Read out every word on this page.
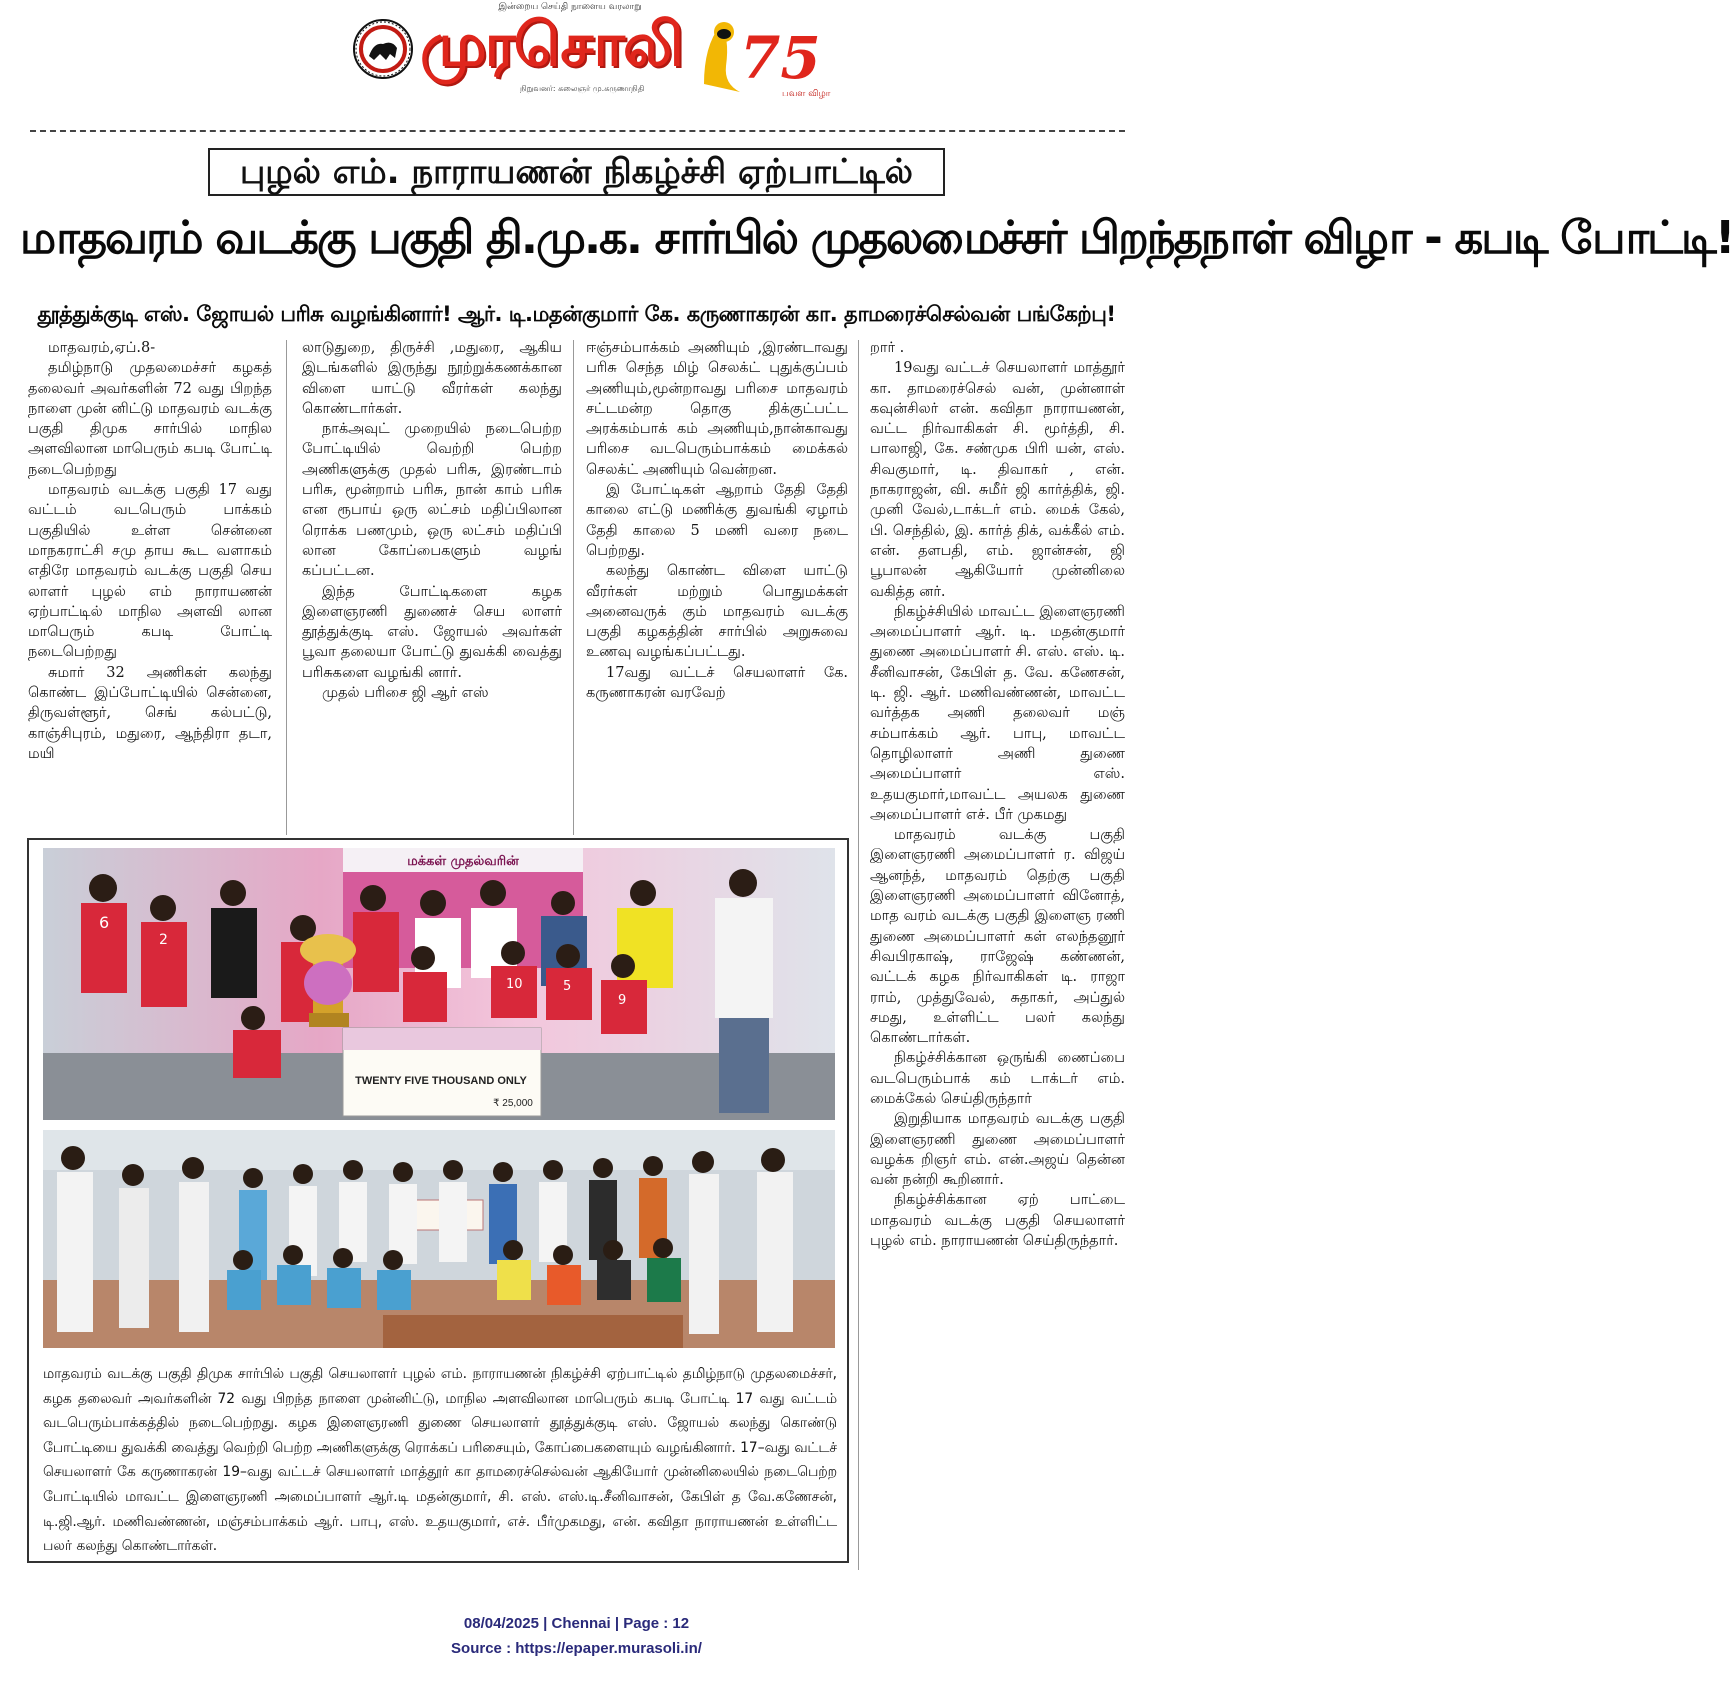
இன்றைய செய்தி நாளைய வரலாறு
முரசொலி
நிறுவனர்: கலைஞர் மு.கருணாநிதி 75
பவள விழா
புழல் எம். நாராயணன் நிகழ்ச்சி ஏற்பாட்டில்
மாதவரம் வடக்கு பகுதி தி.மு.க. சார்பில் முதலமைச்சர் பிறந்தநாள் விழா - கபடி போட்டி!
தூத்துக்குடி எஸ். ஜோயல் பரிசு வழங்கினார்! ஆர். டி.மதன்குமார் கே. கருணாகரன் கா. தாமரைச்செல்வன் பங்கேற்பு!

மாதவரம்,ஏப்.8-

தமிழ்நாடு முதலமைச்சர் கழகத் தலைவர் அவர்களின் 72 வது பிறந்த நாளை முன் னிட்டு மாதவரம் வடக்கு பகுதி திமுக சார்பில் மாநில அளவிலான மாபெரும் கபடி போட்டி நடைபெற்றது

மாதவரம் வடக்கு பகுதி 17 வது வட்டம் வடபெரும் பாக்கம் பகுதியில் உள்ள சென்னை மாநகராட்சி சமு தாய கூட வளாகம் எதிரே மாதவரம் வடக்கு பகுதி செய லாளர் புழல் எம் நாராயணன் ஏற்பாட்டில் மாநில அளவி லான மாபெரும் கபடி போட்டி நடைபெற்றது

சுமார் 32 அணிகள் கலந்து கொண்ட இப்போட்டியில் சென்னை, திருவள்ளூர், செங் கல்பட்டு, காஞ்சிபுரம், மதுரை, ஆந்திரா தடா, மயி

லாடுதுறை, திருச்சி ,மதுரை, ஆகிய இடங்களில் இருந்து நூற்றுக்கணக்கான விளை யாட்டு வீரர்கள் கலந்து கொண்டார்கள்.

நாக்அவுட் முறையில் நடைபெற்ற போட்டியில் வெற்றி பெற்ற அணிகளுக்கு முதல் பரிசு, இரண்டாம் பரிசு, மூன்றாம் பரிசு, நான் காம் பரிசு என ரூபாய் ஒரு லட்சம் மதிப்பிலான ரொக்க பணமும், ஒரு லட்சம் மதிப்பி லான கோப்பைகளும் வழங் கப்பட்டன.

இந்த போட்டிகளை கழக இளைஞரணி துணைச் செய லாளர் தூத்துக்குடி எஸ். ஜோயல் அவர்கள் பூவா தலையா போட்டு துவக்கி வைத்து பரிசுகளை வழங்கி னார்.

முதல் பரிசை ஜி ஆர் எஸ்

ஈஞ்சம்பாக்கம் அணியும் ,இரண்டாவது பரிசு செந்த மிழ் செலக்ட் புதுக்குப்பம் அணியும்,மூன்றாவது பரிசை மாதவரம் சட்டமன்ற தொகு திக்குட்பட்ட அரக்கம்பாக் கம் அணியும்,நான்காவது பரிசை வடபெரும்பாக்கம் மைக்கல் செலக்ட் அணியும் வென்றன.

இ போட்டிகள் ஆறாம் தேதி தேதி காலை எட்டு மணிக்கு துவங்கி ஏழாம் தேதி காலை 5 மணி வரை நடை பெற்றது.

கலந்து கொண்ட விளை யாட்டு வீரர்கள் மற்றும் பொதுமக்கள் அனைவருக் கும் மாதவரம் வடக்கு பகுதி கழகத்தின் சார்பில் அறுசுவை உணவு வழங்கப்பட்டது.

17வது வட்டச் செயலாளர் கே. கருணாகரன் வரவேற்

றார் .

19வது வட்டச் செயலாளர் மாத்தூர் கா. தாமரைச்செல் வன், முன்னாள் கவுன்சிலர் என். கவிதா நாராயணன், வட்ட நிர்வாகிகள் சி. மூர்த்தி, சி. பாலாஜி, கே. சண்முக பிரி யன், எஸ். சிவகுமார், டி. திவாகர் , என். நாகராஜன், வி. சுமீர் ஜி கார்த்திக், ஜி. முனி வேல்,டாக்டர் எம். மைக் கேல், பி. செந்தில், இ. கார்த் திக், வக்கீல் எம். என். தளபதி, எம். ஜான்சன், ஜி பூபாலன் ஆகியோர் முன்னிலை வகித்த னர்.

நிகழ்ச்சியில் மாவட்ட இளைஞரணி அமைப்பாளர் ஆர். டி. மதன்குமார் துணை அமைப்பாளர் சி. எஸ். எஸ். டி. சீனிவாசன், கேபிள் த. வே. கணேசன், டி. ஜி. ஆர். மணிவண்ணன், மாவட்ட வர்த்தக அணி தலைவர் மஞ் சம்பாக்கம் ஆர். பாபு, மாவட்ட தொழிலாளர் அணி துணை அமைப்பாளர் எஸ். உதயகுமார்,மாவட்ட அயலக துணை அமைப்பாளர் எச். பீர் முகமது

மாதவரம் வடக்கு பகுதி இளைஞரணி அமைப்பாளர் ர. விஜய் ஆனந்த், மாதவரம் தெற்கு பகுதி இளைஞரணி அமைப்பாளர் வினோத், மாத வரம் வடக்கு பகுதி இளைஞ ரணி துணை அமைப்பாளர் கள் எலந்தனூர் சிவபிரகாஷ், ராஜேஷ் கண்ணன், வட்டக் கழக நிர்வாகிகள் டி. ராஜா ராம், முத்துவேல், சுதாகர், அப்துல் சமது, உள்ளிட்ட பலர் கலந்து கொண்டார்கள்.

நிகழ்ச்சிக்கான ஒருங்கி ணைப்பை வடபெரும்பாக் கம் டாக்டர் எம். மைக்கேல் செய்திருந்தார்

இறுதியாக மாதவரம் வடக்கு பகுதி இளைஞரணி துணை அமைப்பாளர் வழக்க றிஞர் எம். என்.அஜய் தென்ன வன் நன்றி கூறினார்.

நிகழ்ச்சிக்கான ஏற் பாட்டை மாதவரம் வடக்கு பகுதி செயலாளர் புழல் எம். நாராயணன் செய்திருந்தார்.

மக்கள் முதல்வரின்
6
2
10	5
9
TWENTY FIVE THOUSAND ONLY
₹ 25,000
மாதவரம் வடக்கு பகுதி திமுக சார்பில் பகுதி செயலாளர் புழல் எம். நாராயணன் நிகழ்ச்சி ஏற்பாட்டில் தமிழ்நாடு முதலமைச்சர், கழக தலைவர் அவர்களின் 72 வது பிறந்த நாளை முன்னிட்டு, மாநில அளவிலான மாபெரும் கபடி போட்டி 17 வது வட்டம் வடபெரும்பாக்கத்தில் நடைபெற்றது. கழக இளைஞரணி துணை செயலாளர் தூத்துக்குடி எஸ். ஜோயல் கலந்து கொண்டு போட்டியை துவக்கி வைத்து வெற்றி பெற்ற அணிகளுக்கு ரொக்கப் பரிசையும், கோப்பைகளையும் வழங்கினார். 17–வது வட்டச் செயலாளர் கே கருணாகரன் 19–வது வட்டச் செயலாளர் மாத்தூர் கா தாமரைச்செல்வன் ஆகியோர் முன்னிலையில் நடைபெற்ற போட்டியில் மாவட்ட இளைஞரணி அமைப்பாளர் ஆர்.டி மதன்குமார், சி. எஸ். எஸ்.டி.சீனிவாசன், கேபிள் த வே.கணேசன், டி.ஜி.ஆர். மணிவண்ணன், மஞ்சம்பாக்கம் ஆர். பாபு, எஸ். உதயகுமார், எச். பீர்முகமது, என். கவிதா நாராயணன் உள்ளிட்ட பலர் கலந்து கொண்டார்கள்.
08/04/2025 | Chennai | Page : 12
Source : https://epaper.murasoli.in/
